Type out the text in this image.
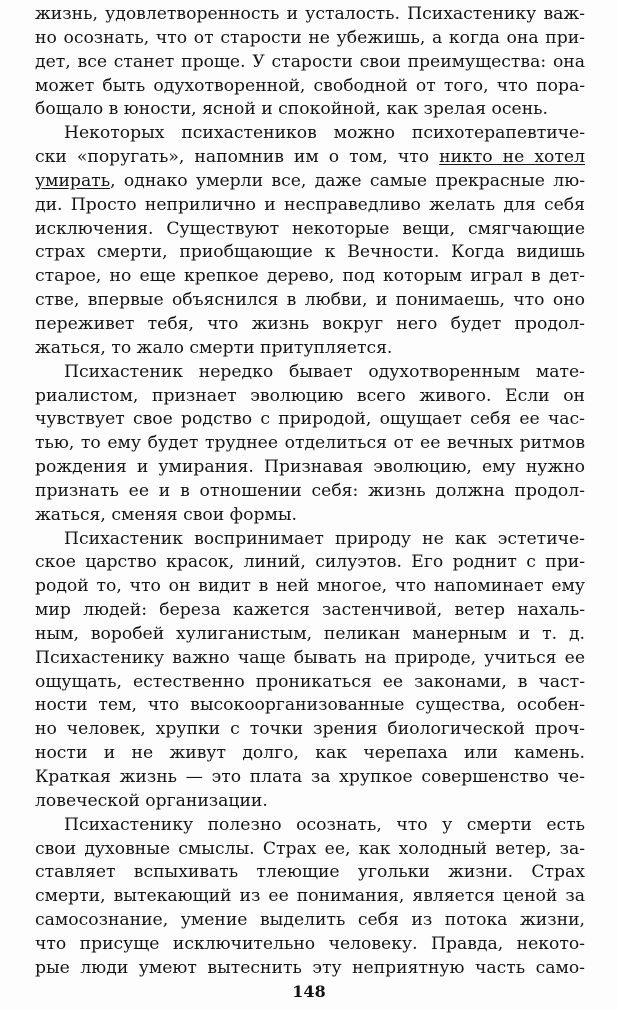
жизнь, удовлетворенность и усталость. Психастенику важ-
но осознать, что от старости не убежишь, а когда она при-
дет, все станет проще. У старости свои преимущества: она
может быть одухотворенной, свободной от того, что пора-
бощало в юности, ясной и спокойной, как зрелая осень.
Некоторых психастеников можно психотерапевтиче-
ски «поругать», напомнив им о том, что никто не хотел
умирать, однако умерли все, даже самые прекрасные лю-
ди. Просто неприлично и несправедливо желать для себя
исключения. Существуют некоторые вещи, смягчающие
страх смерти, приобщающие к Вечности. Когда видишь
старое, но еще крепкое дерево, под которым играл в дет-
стве, впервые объяснился в любви, и понимаешь, что оно
переживет тебя, что жизнь вокруг него будет продол-
жаться, то жало смерти притупляется.
Психастеник нередко бывает одухотворенным мате-
риалистом, признает эволюцию всего живого. Если он
чувствует свое родство с природой, ощущает себя ее час-
тью, то ему будет труднее отделиться от ее вечных ритмов
рождения и умирания. Признавая эволюцию, ему нужно
признать ее и в отношении себя: жизнь должна продол-
жаться, сменяя свои формы.
Психастеник воспринимает природу не как эстетиче-
ское царство красок, линий, силуэтов. Его роднит с при-
родой то, что он видит в ней многое, что напоминает ему
мир людей: береза кажется застенчивой, ветер нахаль-
ным, воробей хулиганистым, пеликан манерным и т. д.
Психастенику важно чаще бывать на природе, учиться ее
ощущать, естественно проникаться ее законами, в част-
ности тем, что высокоорганизованные существа, особен-
но человек, хрупки с точки зрения биологической проч-
ности и не живут долго, как черепаха или камень.
Краткая жизнь — это плата за хрупкое совершенство че-
ловеческой организации.
Психастенику полезно осознать, что у смерти есть
свои духовные смыслы. Страх ее, как холодный ветер, за-
ставляет вспыхивать тлеющие угольки жизни. Страх
смерти, вытекающий из ее понимания, является ценой за
самосознание, умение выделить себя из потока жизни,
что присуще исключительно человеку. Правда, некото-
рые люди умеют вытеснить эту неприятную часть само-
148
